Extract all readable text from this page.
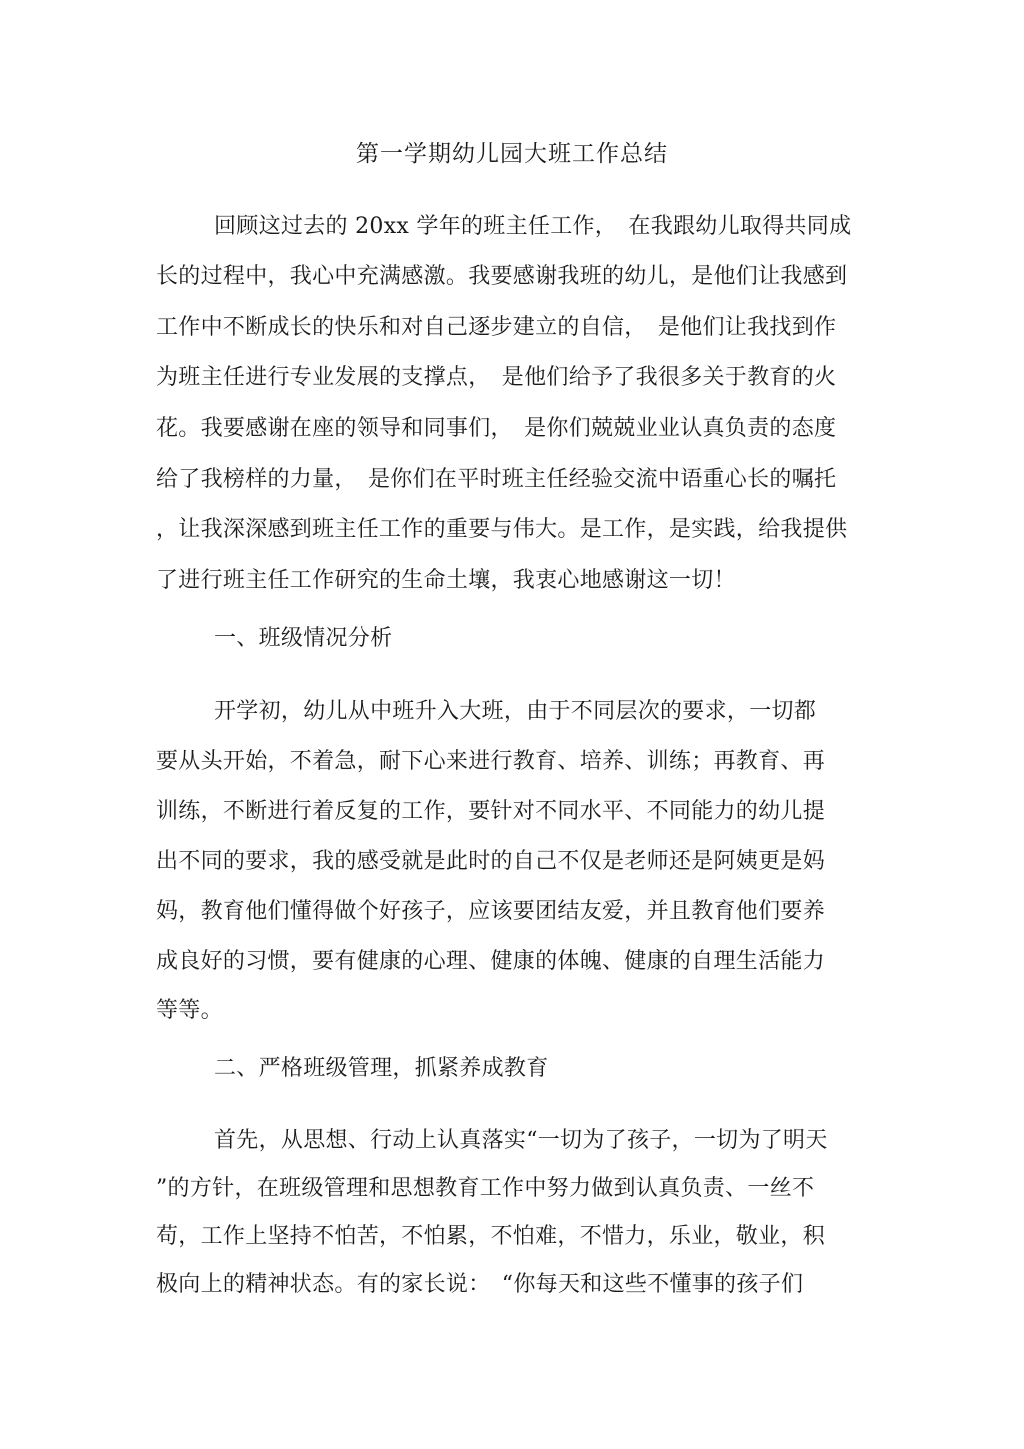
第一学期幼儿园大班工作总结
回顾这过去的 20xx 学年的班主任工作，　在我跟幼儿取得共同成
长的过程中，我心中充满感激。我要感谢我班的幼儿，是他们让我感到
工作中不断成长的快乐和对自己逐步建立的自信，　是他们让我找到作
为班主任进行专业发展的支撑点，　是他们给予了我很多关于教育的火
花。我要感谢在座的领导和同事们，　是你们兢兢业业认真负责的态度
给了我榜样的力量，　是你们在平时班主任经验交流中语重心长的嘱托
，让我深深感到班主任工作的重要与伟大。是工作，是实践，给我提供
了进行班主任工作研究的生命土壤，我衷心地感谢这一切！
一、班级情况分析
开学初，幼儿从中班升入大班，由于不同层次的要求，一切都
要从头开始，不着急，耐下心来进行教育、培养、训练；再教育、再
训练，不断进行着反复的工作，要针对不同水平、不同能力的幼儿提
出不同的要求，我的感受就是此时的自己不仅是老师还是阿姨更是妈
妈，教育他们懂得做个好孩子，应该要团结友爱，并且教育他们要养
成良好的习惯，要有健康的心理、健康的体魄、健康的自理生活能力
等等。
二、严格班级管理，抓紧养成教育
首先，从思想、行动上认真落实“一切为了孩子，一切为了明天
”的方针，在班级管理和思想教育工作中努力做到认真负责、一丝不
苟，工作上坚持不怕苦，不怕累，不怕难，不惜力，乐业，敬业，积
极向上的精神状态。有的家长说：　“你每天和这些不懂事的孩子们
